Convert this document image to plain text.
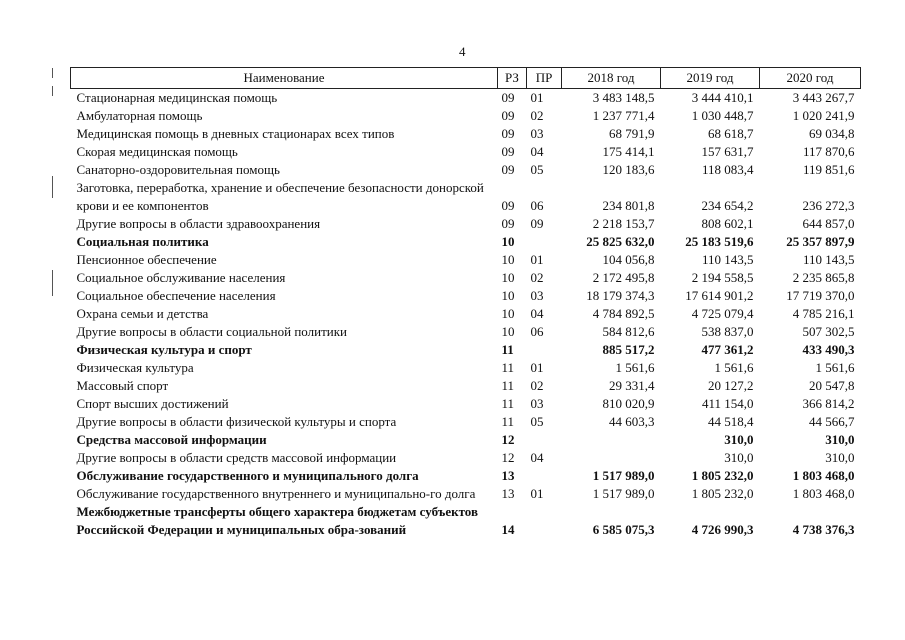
4
Наименование	РЗ	ПР	2018 год	2019 год	2020 год
Стационарная медицинская помощь	09	01	3 483 148,5	3 444 410,1	3 443 267,7
Амбулаторная помощь	09	02	1 237 771,4	1 030 448,7	1 020 241,9
Медицинская помощь в дневных стационарах всех типов	09	03	68 791,9	68 618,7	69 034,8
Скорая медицинская помощь	09	04	175 414,1	157 631,7	117 870,6
Санаторно-оздоровительная помощь	09	05	120 183,6	118 083,4	119 851,6
Заготовка, переработка, хранение и обеспечение безопасности донорской крови и ее компонентов	09	06	234 801,8	234 654,2	236 272,3
Другие вопросы в области здравоохранения	09	09	2 218 153,7	808 602,1	644 857,0
Социальная политика	10		25 825 632,0	25 183 519,6	25 357 897,9
Пенсионное обеспечение	10	01	104 056,8	110 143,5	110 143,5
Социальное обслуживание населения	10	02	2 172 495,8	2 194 558,5	2 235 865,8
Социальное обеспечение населения	10	03	18 179 374,3	17 614 901,2	17 719 370,0
Охрана семьи и детства	10	04	4 784 892,5	4 725 079,4	4 785 216,1
Другие вопросы в области социальной политики	10	06	584 812,6	538 837,0	507 302,5
Физическая культура и спорт	11		885 517,2	477 361,2	433 490,3
Физическая культура	11	01	1 561,6	1 561,6	1 561,6
Массовый спорт	11	02	29 331,4	20 127,2	20 547,8
Спорт высших достижений	11	03	810 020,9	411 154,0	366 814,2
Другие вопросы в области физической культуры и спорта	11	05	44 603,3	44 518,4	44 566,7
Средства массовой информации	12			310,0	310,0
Другие вопросы в области средств массовой информации	12	04		310,0	310,0
Обслуживание государственного и муниципального долга	13		1 517 989,0	1 805 232,0	1 803 468,0
Обслуживание государственного внутреннего и муниципально-го долга	13	01	1 517 989,0	1 805 232,0	1 803 468,0
Межбюджетные трансферты общего характера бюджетам субъектов Российской Федерации и муниципальных обра-зований	14		6 585 075,3	4 726 990,3	4 738 376,3
